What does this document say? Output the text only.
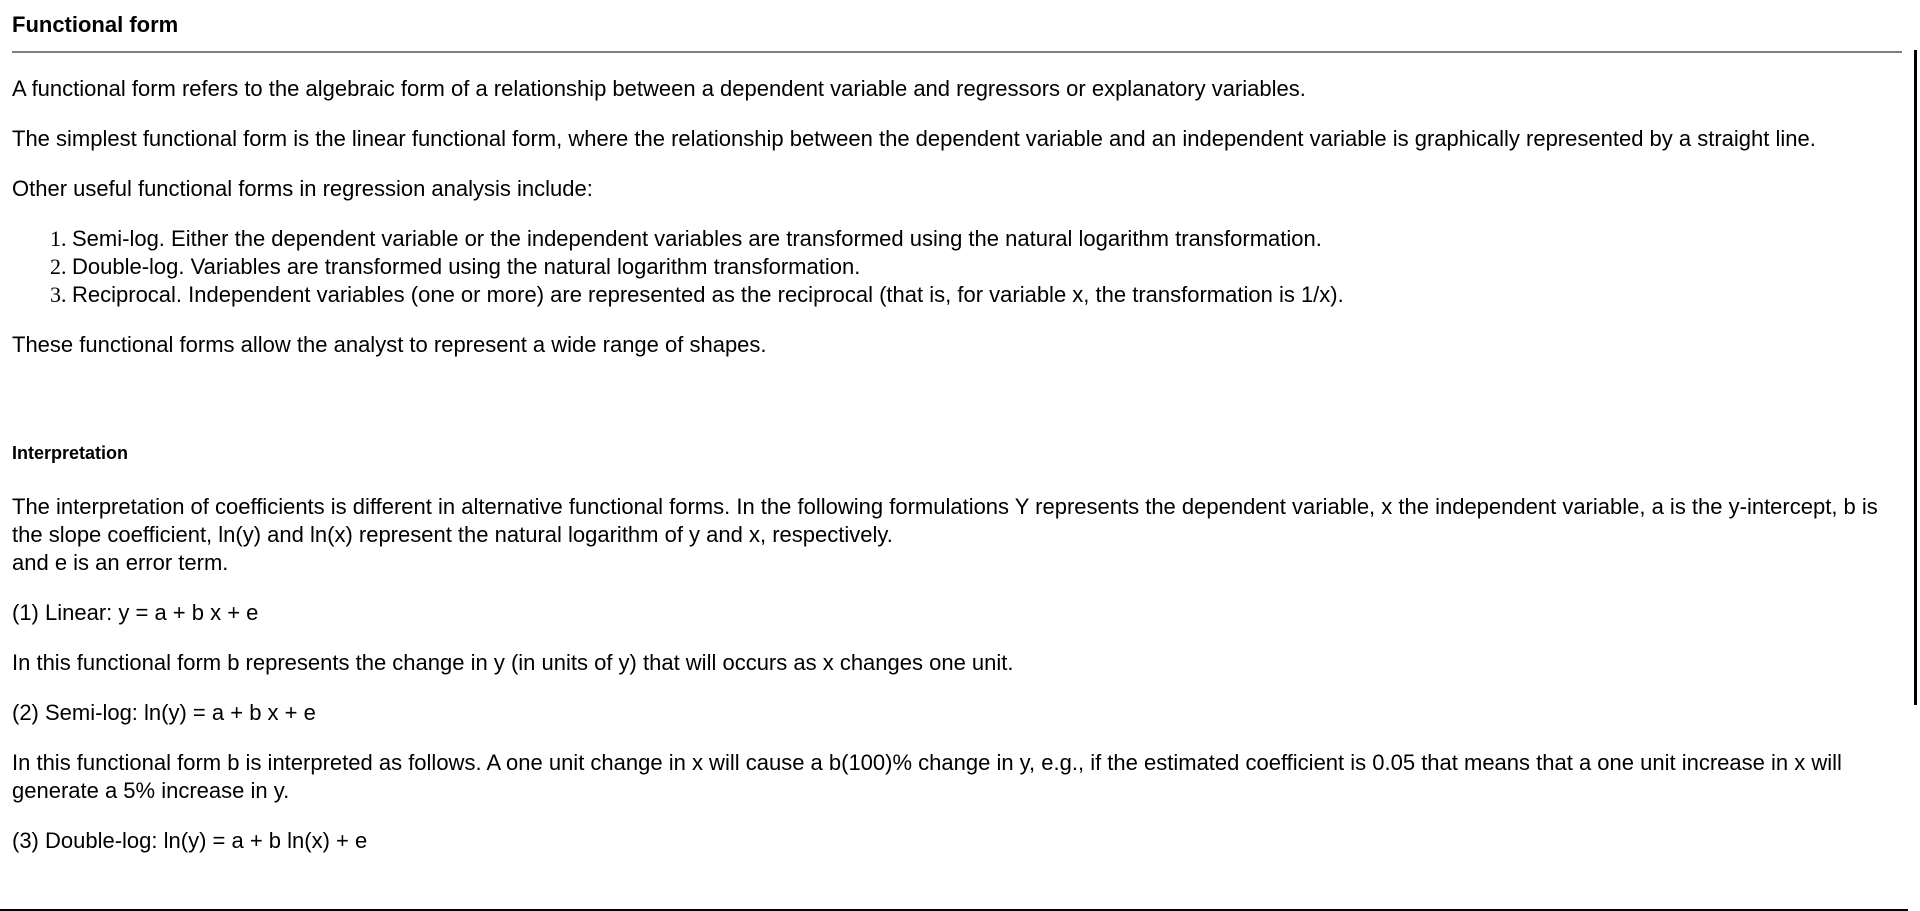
Functional form

A functional form refers to the algebraic form of a relationship between a dependent variable and regressors or explanatory variables.

The simplest functional form is the linear functional form, where the relationship between the dependent variable and an independent variable is graphically represented by a straight line.

Other useful functional forms in regression analysis include:

1. Semi-log. Either the dependent variable or the independent variables are transformed using the natural logarithm transformation.
2. Double-log. Variables are transformed using the natural logarithm transformation.
3. Reciprocal. Independent variables (one or more) are represented as the reciprocal (that is, for variable x, the transformation is 1/x).

These functional forms allow the analyst to represent a wide range of shapes.

Interpretation

The interpretation of coefficients is different in alternative functional forms. In the following formulations Y represents the dependent variable, x the independent variable, a is the y-intercept, b is the slope coefficient, ln(y) and ln(x) represent the natural logarithm of y and x, respectively.

and e is an error term.

(1) Linear: y = a + b x + e

In this functional form b represents the change in y (in units of y) that will occurs as x changes one unit.

(2) Semi-log: ln(y) = a + b x + e

In this functional form b is interpreted as follows. A one unit change in x will cause a b(100)% change in y, e.g., if the estimated coefficient is 0.05 that means that a one unit increase in x will generate a 5% increase in y.

(3) Double-log: ln(y) = a + b ln(x) + e
